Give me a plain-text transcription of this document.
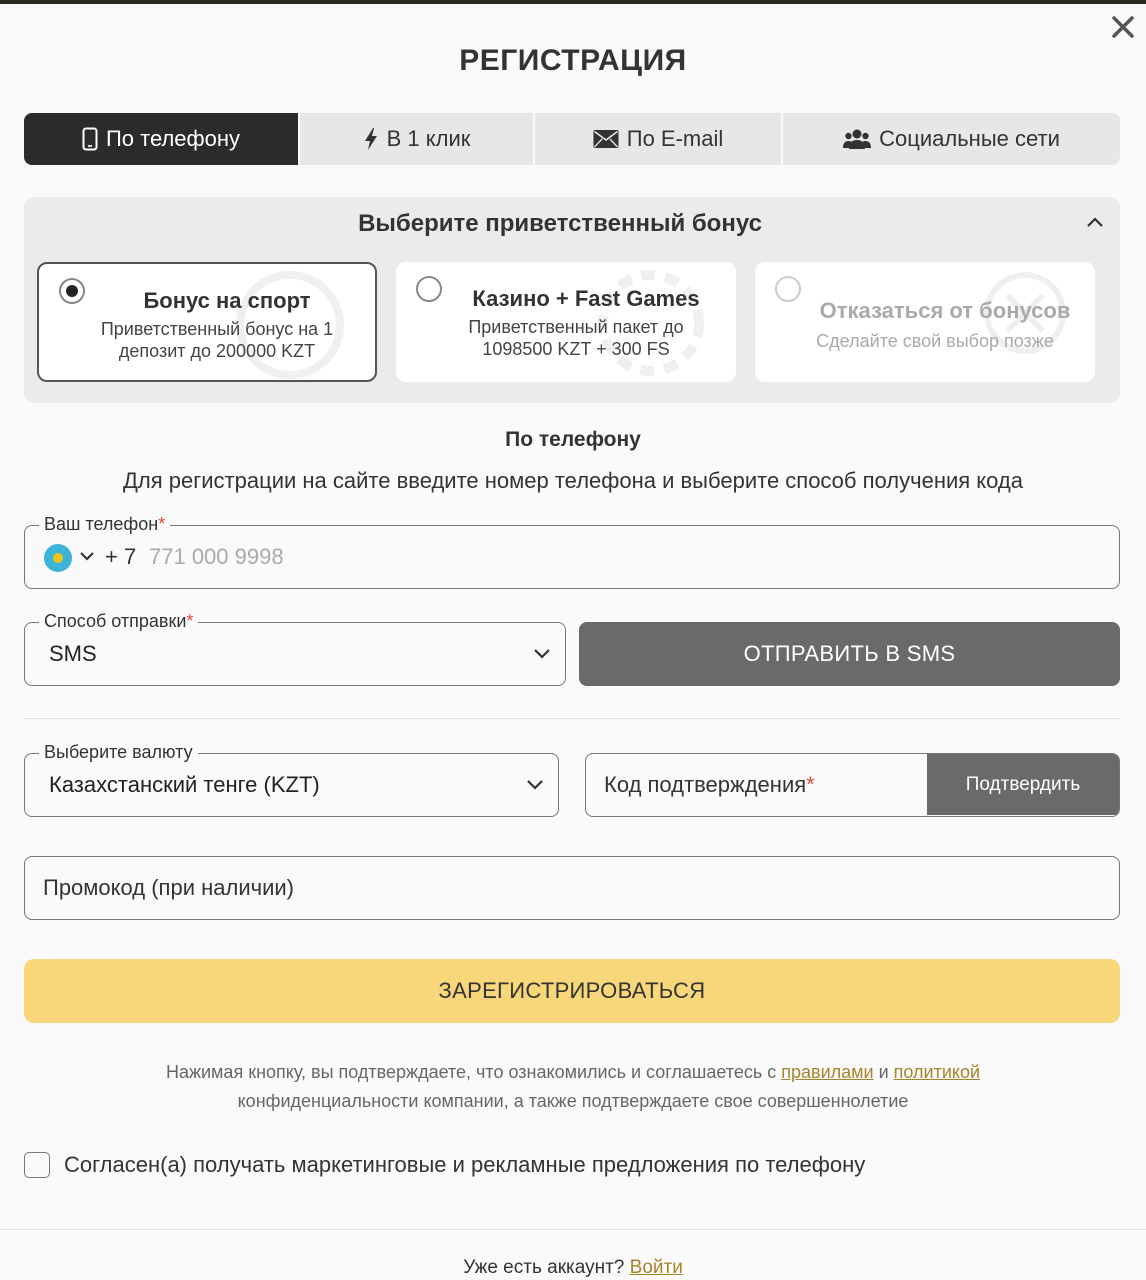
РЕГИСТРАЦИЯ
По телефону	В 1 клик	По E-mail	Социальные сети
Выберите приветственный бонус
Бонус на спорт
Приветственный бонус на 1 депозит до 200000 KZT
Казино + Fast Games
Приветственный пакет до 1098500 KZT + 300 FS
Отказаться от бонусов
Сделайте свой выбор позже
По телефону
Для регистрации на сайте введите номер телефона и выберите способ получения кода
Ваш телефон*
+ 7
771 000 9998
Способ отправки*
SMS	ОТПРАВИТЬ В SMS
Выберите валюту
Казахстанский тенге (KZT)	Код подтверждения*	Подтвердить
Промокод (при наличии)
ЗАРЕГИСТРИРОВАТЬСЯ
Нажимая кнопку, вы подтверждаете, что ознакомились и соглашаетесь с правилами и политикой
конфиденциальности компании, а также подтверждаете свое совершеннолетие
Согласен(а) получать маркетинговые и рекламные предложения по телефону
Уже есть аккаунт? Войти
